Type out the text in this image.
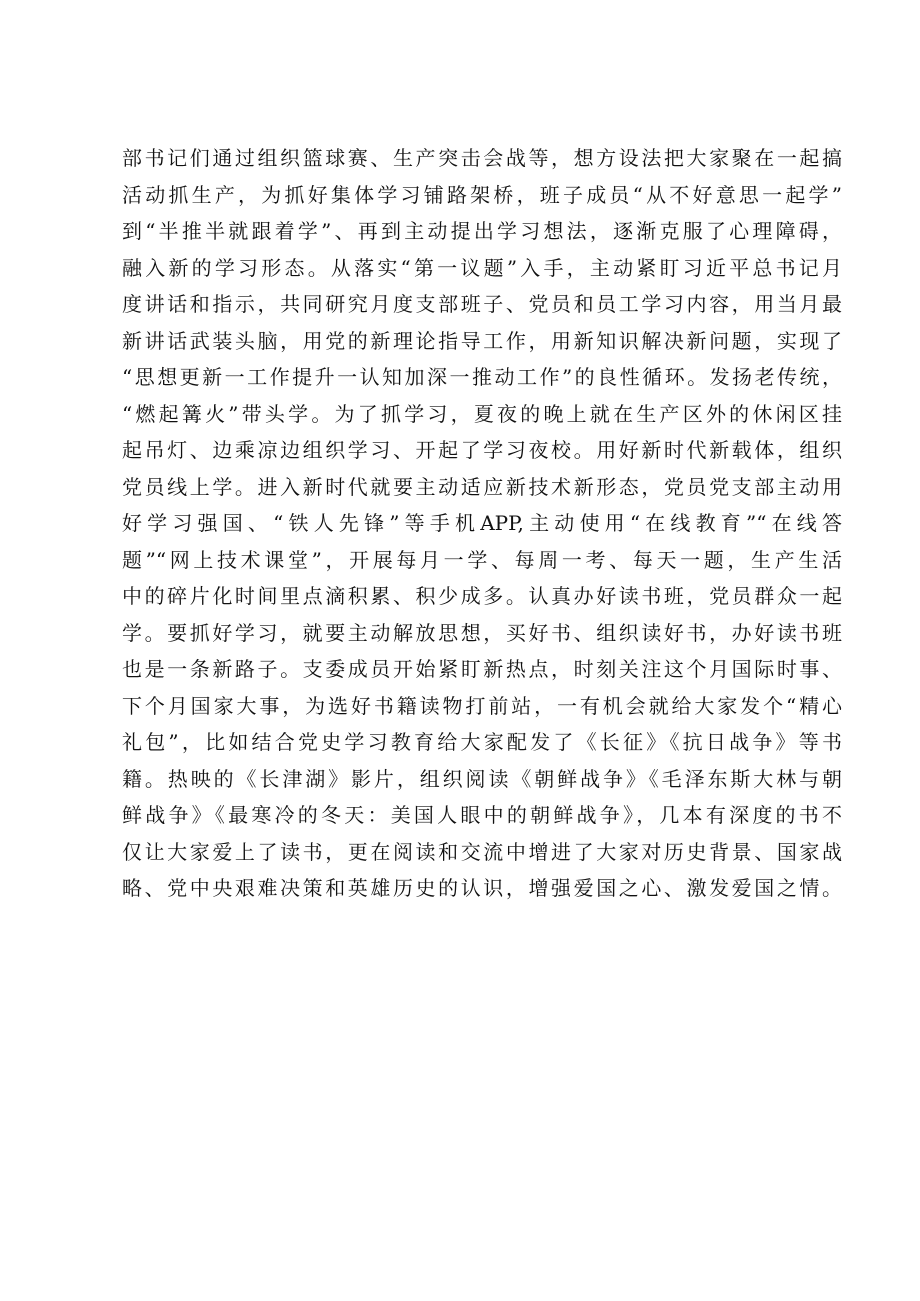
部书记们通过组织篮球赛、生产突击会战等，想方设法把大家聚在一起搞
活动抓生产，为抓好集体学习铺路架桥，班子成员“从不好意思一起学”
到“半推半就跟着学”、再到主动提出学习想法，逐渐克服了心理障碍，
融入新的学习形态。从落实“第一议题”入手，主动紧盯习近平总书记月
度讲话和指示，共同研究月度支部班子、党员和员工学习内容，用当月最
新讲话武装头脑，用党的新理论指导工作，用新知识解决新问题，实现了
“思想更新一工作提升一认知加深一推动工作”的良性循环。发扬老传统，
“燃起篝火”带头学。为了抓学习，夏夜的晚上就在生产区外的休闲区挂
起吊灯、边乘凉边组织学习、开起了学习夜校。用好新时代新载体，组织
党员线上学。进入新时代就要主动适应新技术新形态，党员党支部主动用
好学习强国、“铁人先锋”等手机APP,主动使用“在线教育”“在线答
题”“网上技术课堂”，开展每月一学、每周一考、每天一题，生产生活
中的碎片化时间里点滴积累、积少成多。认真办好读书班，党员群众一起
学。要抓好学习，就要主动解放思想，买好书、组织读好书，办好读书班
也是一条新路子。支委成员开始紧盯新热点，时刻关注这个月国际时事、
下个月国家大事，为选好书籍读物打前站，一有机会就给大家发个“精心
礼包”，比如结合党史学习教育给大家配发了《长征》《抗日战争》等书
籍。热映的《长津湖》影片，组织阅读《朝鲜战争》《毛泽东斯大林与朝
鲜战争》《最寒冷的冬天：美国人眼中的朝鲜战争》，几本有深度的书不
仅让大家爱上了读书，更在阅读和交流中增进了大家对历史背景、国家战
略、党中央艰难决策和英雄历史的认识，增强爱国之心、激发爱国之情。
